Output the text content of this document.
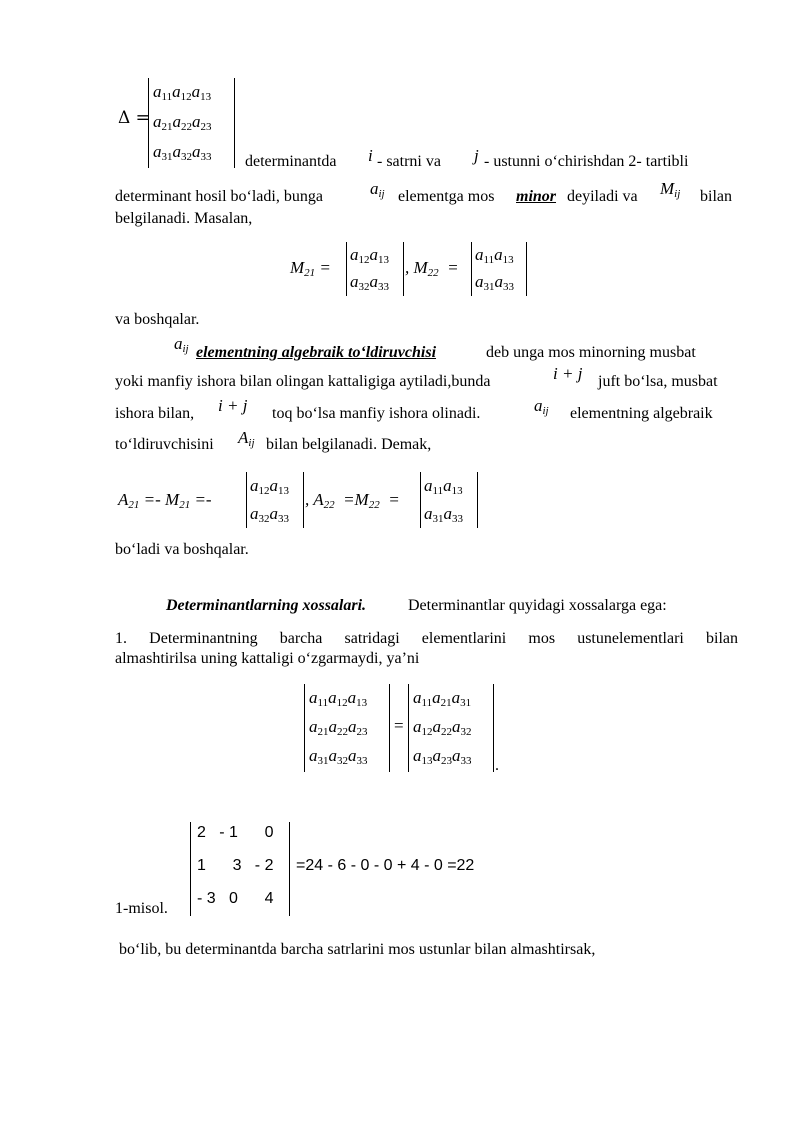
Δ =
$a_{11}a_{12}a_{13}$
$a_{21}a_{22}a_{23}$
$a_{31}a_{32}a_{33}$ determinantda i - satrni va j - ustunni o‘chirishdan 2- tartibli
determinant hosil bo‘ladi, bunga	$a_{ij}$ elementga mos minor deyiladi va $M_{ij}$ bilan
belgilanadi. Masalan,
$M_{21}$ =
$a_{12}a_{13}$
$a_{32}a_{33}$
, $M_{22}$  =
$a_{11}a_{13}$
$a_{31}a_{33}$
va boshqalar.
$a_{ij}$ elementning algebraik to‘ldiruvchisi	deb unga mos minorning musbat
yoki manfiy ishora bilan olingan kattaligiga aytiladi,bunda	i + j juft bo‘lsa, musbat
ishora bilan, i + j toq bo‘lsa manfiy ishora olinadi.	$a_{ij}$ elementning algebraik
to‘ldiruvchisini $A_{ij}$ bilan belgilanadi. Demak,
$A_{21} =- M_{21}$ =-
$a_{12}a_{13}$
$a_{32}a_{33}$
, $A_{22} =M_{22}$  =
$a_{11}a_{13}$
$a_{31}a_{33}$
bo‘ladi va boshqalar.
Determinantlarning xossalari.	Determinantlar quyidagi xossalarga ega:
1. Determinantning barcha satridagi elementlarini mos ustunelementlari bilan
almashtirilsa uning kattaligi o‘zgarmaydi, ya’ni
$a_{11}a_{12}a_{13}$
$a_{21}a_{22}a_{23}$
$a_{31}a_{32}a_{33}$
=
$a_{11}a_{21}a_{31}$
$a_{12}a_{22}a_{32}$
$a_{13}a_{23}a_{33}$ .
2   - 1      0
1      3   - 2
- 3   0      4
=24 - 6 - 0 - 0 + 4 - 0 =22
1-misol.
bo‘lib, bu determinantda barcha satrlarini mos ustunlar bilan almashtirsak,
